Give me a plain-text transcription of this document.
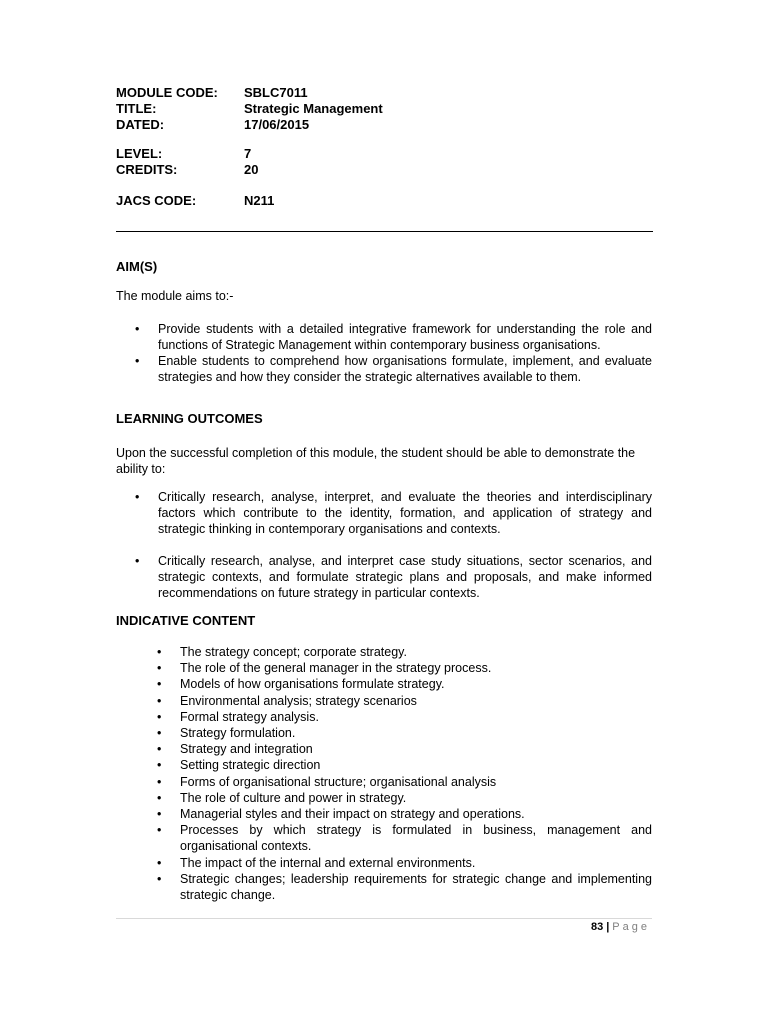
MODULE CODE:	SBLC7011
TITLE:	Strategic Management
DATED:	17/06/2015
LEVEL:	7
CREDITS:	20
JACS CODE:	N211
AIM(S)
The module aims to:-
• Provide students with a detailed integrative framework for understanding the role and functions of Strategic Management within contemporary business organisations.
• Enable students to comprehend how organisations formulate, implement, and evaluate strategies and how they consider the strategic alternatives available to them.
LEARNING OUTCOMES
Upon the successful completion of this module, the student should be able to demonstrate the ability to:
• Critically research, analyse, interpret, and evaluate the theories and interdisciplinary factors which contribute to the identity, formation, and application of strategy and strategic thinking in contemporary organisations and contexts.
• Critically research, analyse, and interpret case study situations, sector scenarios, and strategic contexts, and formulate strategic plans and proposals, and make informed recommendations on future strategy in particular contexts.
INDICATIVE CONTENT
• The strategy concept; corporate strategy.
• The role of the general manager in the strategy process.
• Models of how organisations formulate strategy.
• Environmental analysis; strategy scenarios
• Formal strategy analysis.
• Strategy formulation.
• Strategy and integration
• Setting strategic direction
• Forms of organisational structure; organisational analysis
• The role of culture and power in strategy.
• Managerial styles and their impact on strategy and operations.
• Processes by which strategy is formulated in business, management and organisational contexts.
• The impact of the internal and external environments.
• Strategic changes; leadership requirements for strategic change and implementing strategic change.
83 | Page
